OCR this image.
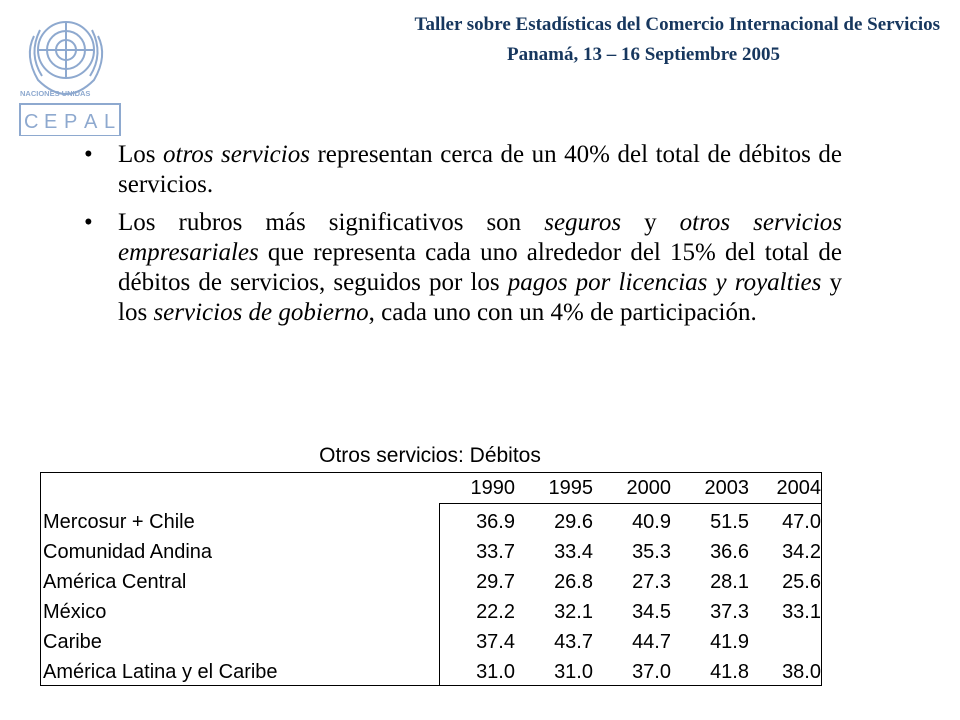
NACIONES UNIDAS
C E P A L
Taller sobre Estadísticas del Comercio Internacional de Servicios
Panamá, 13 – 16 Septiembre 2005
• Los otros servicios representan cerca de un 40% del total de débitos de servicios.
• Los rubros más significativos son seguros y otros servicios empresariales que representa cada uno alrededor del 15% del total de débitos de servicios, seguidos por los pagos por licencias y royalties y los servicios de gobierno, cada uno con un 4% de participación.
Otros servicios: Débitos
1990	1995	2000	2003	2004
Mercosur + Chile	36.9	29.6	40.9	51.5	47.0
Comunidad Andina	33.7	33.4	35.3	36.6	34.2
América Central	29.7	26.8	27.3	28.1	25.6
México	22.2	32.1	34.5	37.3	33.1
Caribe	37.4	43.7	44.7	41.9
América Latina y el Caribe	31.0	31.0	37.0	41.8	38.0
